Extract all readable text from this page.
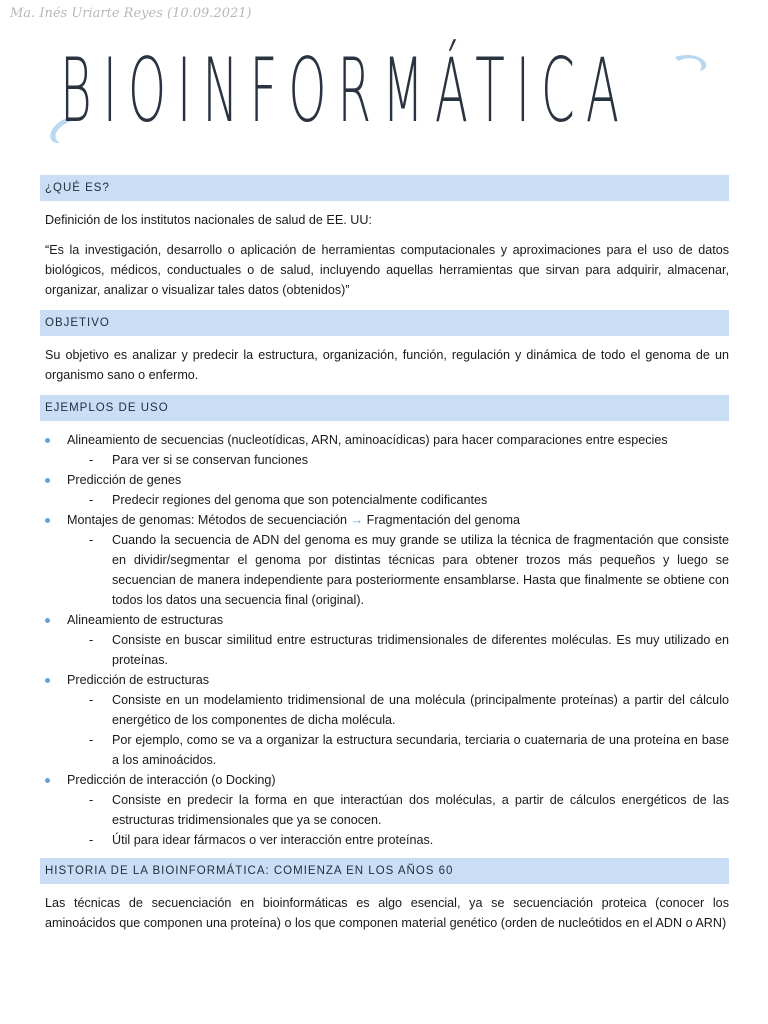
Ma. Inés Uriarte Reyes (10.09.2021)
BIOINFORMÁTICA
¿QUÉ ES?

Definición de los institutos nacionales de salud de EE. UU:

“Es la investigación, desarrollo o aplicación de herramientas computacionales y aproximaciones para el uso de datos biológicos, médicos, conductuales o de salud, incluyendo aquellas herramientas que sirvan para adquirir, almacenar, organizar, analizar o visualizar tales datos (obtenidos)”

OBJETIVO

Su objetivo es analizar y predecir la estructura, organización, función, regulación y dinámica de todo el genoma de un organismo sano o enfermo.

EJEMPLOS DE USO
Alineamiento de secuencias (nucleotídicas, ARN, aminoacídicas) para hacer comparaciones entre especies
- Para ver si se conservan funciones
Predicción de genes
- Predecir regiones del genoma que son potencialmente codificantes
Montajes de genomas: Métodos de secuenciación → Fragmentación del genoma
- Cuando la secuencia de ADN del genoma es muy grande se utiliza la técnica de fragmentación que consiste en dividir/segmentar el genoma por distintas técnicas para obtener trozos más pequeños y luego se secuencian de manera independiente para posteriormente ensamblarse. Hasta que finalmente se obtiene con todos los datos una secuencia final (original).
Alineamiento de estructuras
- Consiste en buscar similitud entre estructuras tridimensionales de diferentes moléculas. Es muy utilizado en proteínas.
Predicción de estructuras
- Consiste en un modelamiento tridimensional de una molécula (principalmente proteínas) a partir del cálculo energético de los componentes de dicha molécula.
- Por ejemplo, como se va a organizar la estructura secundaria, terciaria o cuaternaria de una proteína en base a los aminoácidos.
Predicción de interacción (o Docking)
- Consiste en predecir la forma en que interactúan dos moléculas, a partir de cálculos energéticos de las estructuras tridimensionales que ya se conocen.
- Útil para idear fármacos o ver interacción entre proteínas.
HISTORIA DE LA BIOINFORMÁTICA: COMIENZA EN LOS AÑOS 60

Las técnicas de secuenciación en bioinformáticas es algo esencial, ya se secuenciación proteica (conocer los aminoácidos que componen una proteína) o los que componen material genético (orden de nucleótidos en el ADN o ARN)
